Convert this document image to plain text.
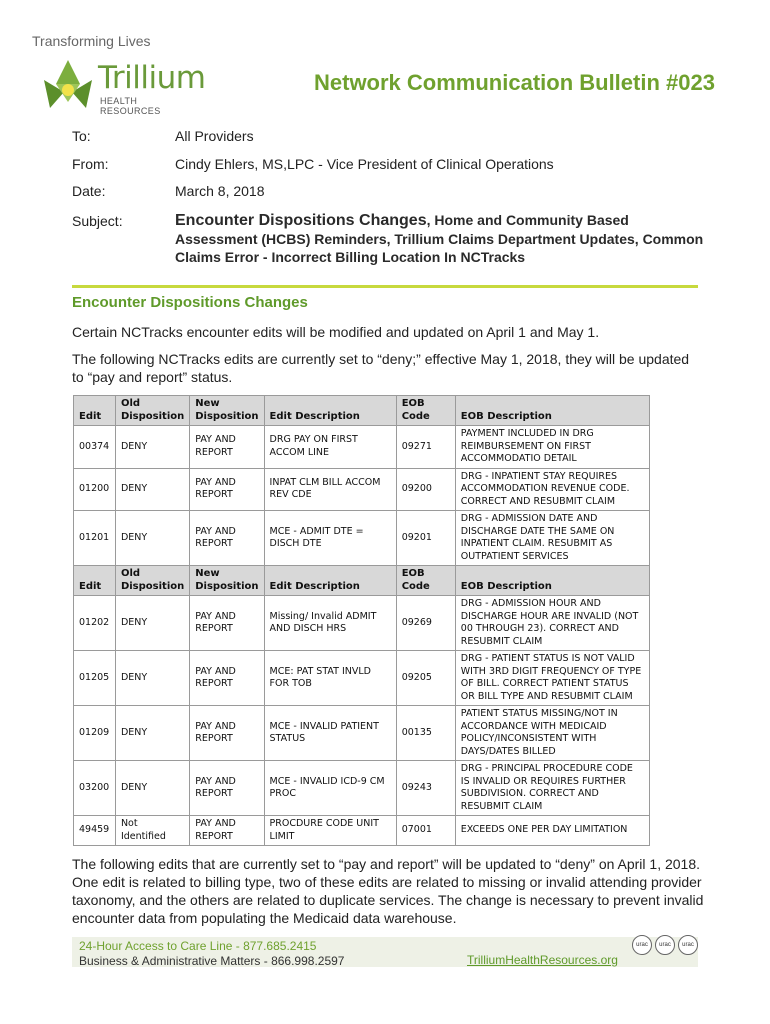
Transforming Lives
Trillium
HEALTH RESOURCES
Network Communication Bulletin #023
To:	All Providers
From:	Cindy Ehlers, MS,LPC - Vice President of Clinical Operations
Date:	March 8, 2018
Subject:	Encounter Dispositions Changes, Home and Community Based Assessment (HCBS) Reminders, Trillium Claims Department Updates, Common Claims Error - Incorrect Billing Location In NCTracks
Encounter Dispositions Changes
Certain NCTracks encounter edits will be modified and updated on April 1 and May 1.
The following NCTracks edits are currently set to “deny;” effective May 1, 2018, they will be updated to “pay and report” status.
Edit	Old Disposition	New Disposition	Edit Description	EOB Code	EOB Description
00374	DENY	PAY AND REPORT	DRG PAY ON FIRST ACCOM LINE	09271	PAYMENT INCLUDED IN DRG REIMBURSEMENT ON FIRST ACCOMMODATIO DETAIL
01200	DENY	PAY AND REPORT	INPAT CLM BILL ACCOM REV CDE	09200	DRG - INPATIENT STAY REQUIRES ACCOMMODATION REVENUE CODE. CORRECT AND RESUBMIT CLAIM
01201	DENY	PAY AND REPORT	MCE - ADMIT DTE = DISCH DTE	09201	DRG - ADMISSION DATE AND DISCHARGE DATE THE SAME ON INPATIENT CLAIM. RESUBMIT AS OUTPATIENT SERVICES
Edit	Old Disposition	New Disposition	Edit Description	EOB Code	EOB Description
01202	DENY	PAY AND REPORT	Missing/ Invalid ADMIT AND DISCH HRS	09269	DRG - ADMISSION HOUR AND DISCHARGE HOUR ARE INVALID (NOT 00 THROUGH 23). CORRECT AND RESUBMIT CLAIM
01205	DENY	PAY AND REPORT	MCE: PAT STAT INVLD FOR TOB	09205	DRG - PATIENT STATUS IS NOT VALID WITH 3RD DIGIT FREQUENCY OF TYPE OF BILL. CORRECT PATIENT STATUS OR BILL TYPE AND RESUBMIT CLAIM
01209	DENY	PAY AND REPORT	MCE - INVALID PATIENT STATUS	00135	PATIENT STATUS MISSING/NOT IN ACCORDANCE WITH MEDICAID POLICY/INCONSISTENT WITH DAYS/DATES BILLED
03200	DENY	PAY AND REPORT	MCE - INVALID ICD-9 CM PROC	09243	DRG - PRINCIPAL PROCEDURE CODE IS INVALID OR REQUIRES FURTHER SUBDIVISION. CORRECT AND RESUBMIT CLAIM
49459	Not Identified	PAY AND REPORT	PROCDURE CODE UNIT LIMIT	07001	EXCEEDS ONE PER DAY LIMITATION
The following edits that are currently set to “pay and report” will be updated to “deny” on April 1, 2018. One edit is related to billing type, two of these edits are related to missing or invalid attending provider taxonomy, and the others are related to duplicate services. The change is necessary to prevent invalid encounter data from populating the Medicaid data warehouse.
24-Hour Access to Care Line - 877.685.2415
Business & Administrative Matters - 866.998.2597	TrilliumHealthResources.org
urac	urac	urac
